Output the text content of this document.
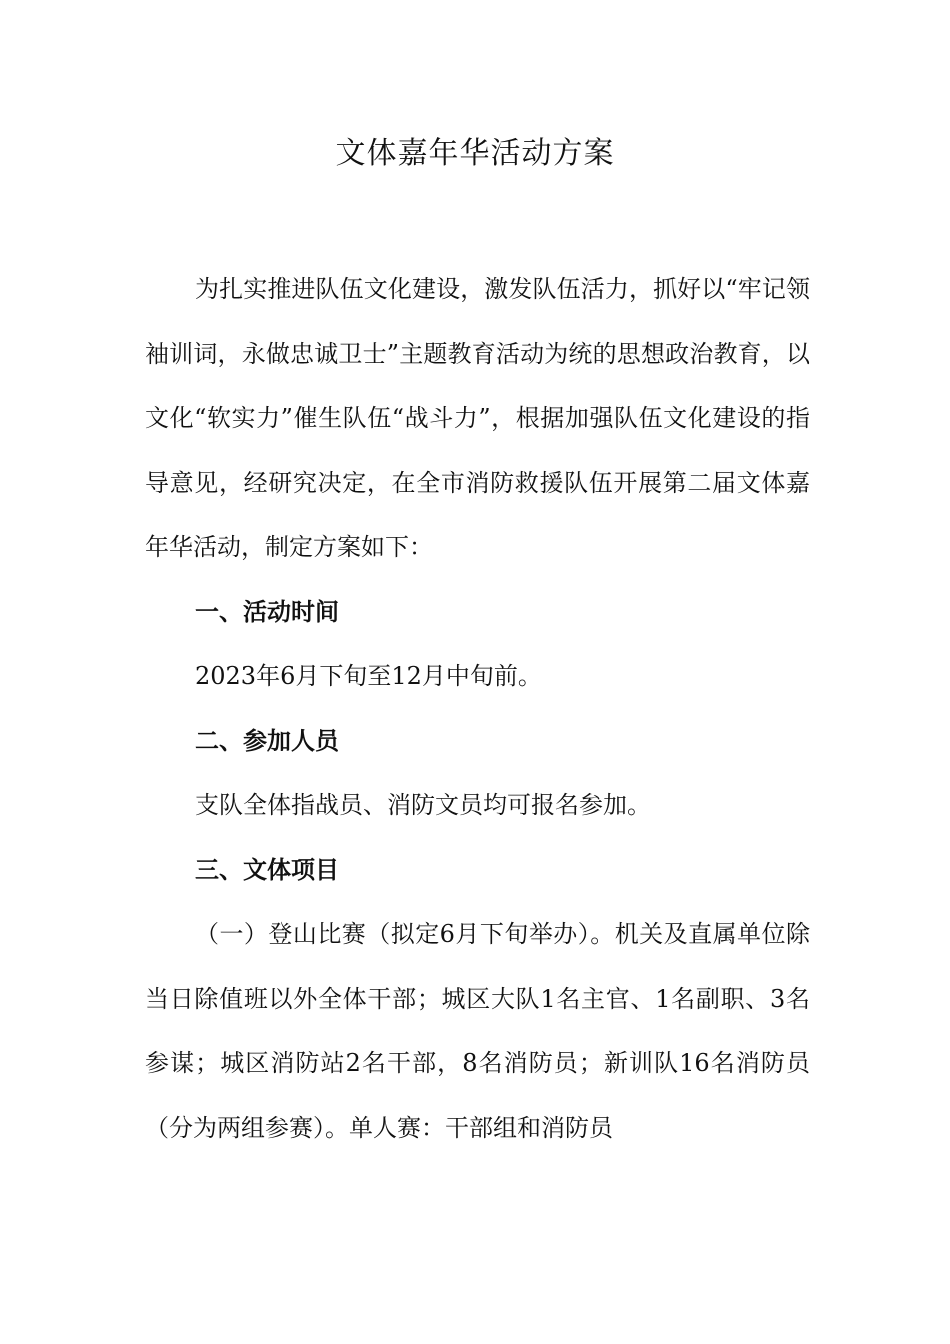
文体嘉年华活动方案

为扎实推进队伍文化建设，激发队伍活力，抓好以“牢记领袖训词，永做忠诚卫士”主题教育活动为统的思想政治教育，以文化“软实力”催生队伍“战斗力”，根据加强队伍文化建设的指导意见，经研究决定，在全市消防救援队伍开展第二届文体嘉年华活动，制定方案如下：

一、活动时间

2023年6月下旬至12月中旬前。

二、参加人员

支队全体指战员、消防文员均可报名参加。

三、文体项目

（一）登山比赛（拟定6月下旬举办）。机关及直属单位除当日除值班以外全体干部；城区大队1名主官、1名副职、3名参谋；城区消防站2名干部，8名消防员；新训队16名消防员（分为两组参赛）。单人赛：干部组和消防员
